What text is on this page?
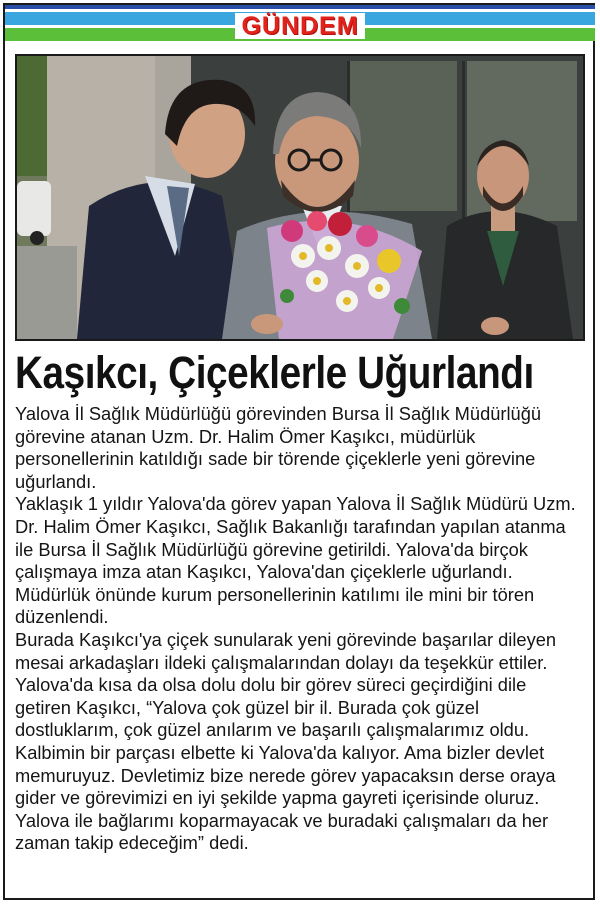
GÜNDEM
Kaşıkcı, Çiçeklerle Uğurlandı

Yalova İl Sağlık Müdürlüğü görevinden Bursa İl Sağlık Müdürlüğü görevine atanan Uzm. Dr. Halim Ömer Kaşıkcı, müdürlük personellerinin katıldığı sade bir törende çiçeklerle yeni görevine uğurlandı.

Yaklaşık 1 yıldır Yalova'da görev yapan Yalova İl Sağlık Müdürü Uzm. Dr. Halim Ömer Kaşıkcı, Sağlık Bakanlığı tarafından yapılan atanma ile Bursa İl Sağlık Müdürlüğü görevine getirildi. Yalova'da birçok çalışmaya imza atan Kaşıkcı, Yalova'dan çiçeklerle uğurlandı. Müdürlük önünde kurum personellerinin katılımı ile mini bir tören düzenlendi.

Burada Kaşıkcı'ya çiçek sunularak yeni görevinde başarılar dileyen mesai arkadaşları ildeki çalışmalarından dolayı da teşekkür ettiler. Yalova'da kısa da olsa dolu dolu bir görev süreci geçirdiğini dile getiren Kaşıkcı, “Yalova çok güzel bir il. Burada çok güzel dostluklarım, çok güzel anılarım ve başarılı çalışmalarımız oldu. Kalbimin bir parçası elbette ki Yalova'da kalıyor. Ama bizler devlet memuruyuz. Devletimiz bize nerede görev yapacaksın derse oraya gider ve görevimizi en iyi şekilde yapma gayreti içerisinde oluruz. Yalova ile bağlarımı koparmayacak ve buradaki çalışmaları da her zaman takip edeceğim” dedi.
